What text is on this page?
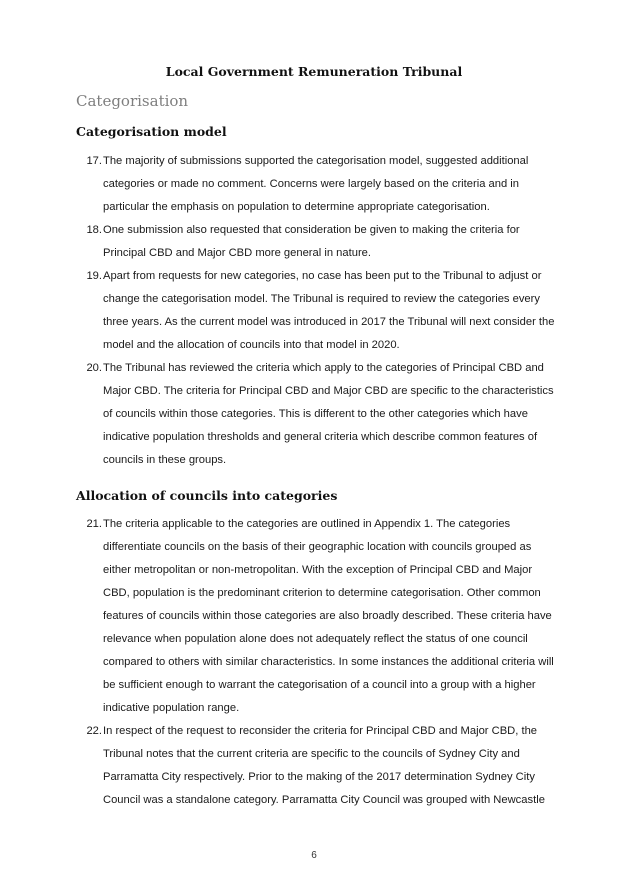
Local Government Remuneration Tribunal
Categorisation
Categorisation model
17. The majority of submissions supported the categorisation model, suggested additional categories or made no comment. Concerns were largely based on the criteria and in particular the emphasis on population to determine appropriate categorisation.
18. One submission also requested that consideration be given to making the criteria for Principal CBD and Major CBD more general in nature.
19. Apart from requests for new categories, no case has been put to the Tribunal to adjust or change the categorisation model. The Tribunal is required to review the categories every three years. As the current model was introduced in 2017 the Tribunal will next consider the model and the allocation of councils into that model in 2020.
20. The Tribunal has reviewed the criteria which apply to the categories of Principal CBD and Major CBD. The criteria for Principal CBD and Major CBD are specific to the characteristics of councils within those categories. This is different to the other categories which have indicative population thresholds and general criteria which describe common features of councils in these groups.
Allocation of councils into categories
21. The criteria applicable to the categories are outlined in Appendix 1. The categories differentiate councils on the basis of their geographic location with councils grouped as either metropolitan or non-metropolitan. With the exception of Principal CBD and Major CBD, population is the predominant criterion to determine categorisation. Other common features of councils within those categories are also broadly described. These criteria have relevance when population alone does not adequately reflect the status of one council compared to others with similar characteristics. In some instances the additional criteria will be sufficient enough to warrant the categorisation of a council into a group with a higher indicative population range.
22. In respect of the request to reconsider the criteria for Principal CBD and Major CBD, the Tribunal notes that the current criteria are specific to the councils of Sydney City and Parramatta City respectively. Prior to the making of the 2017 determination Sydney City Council was a standalone category. Parramatta City Council was grouped with Newcastle
6
